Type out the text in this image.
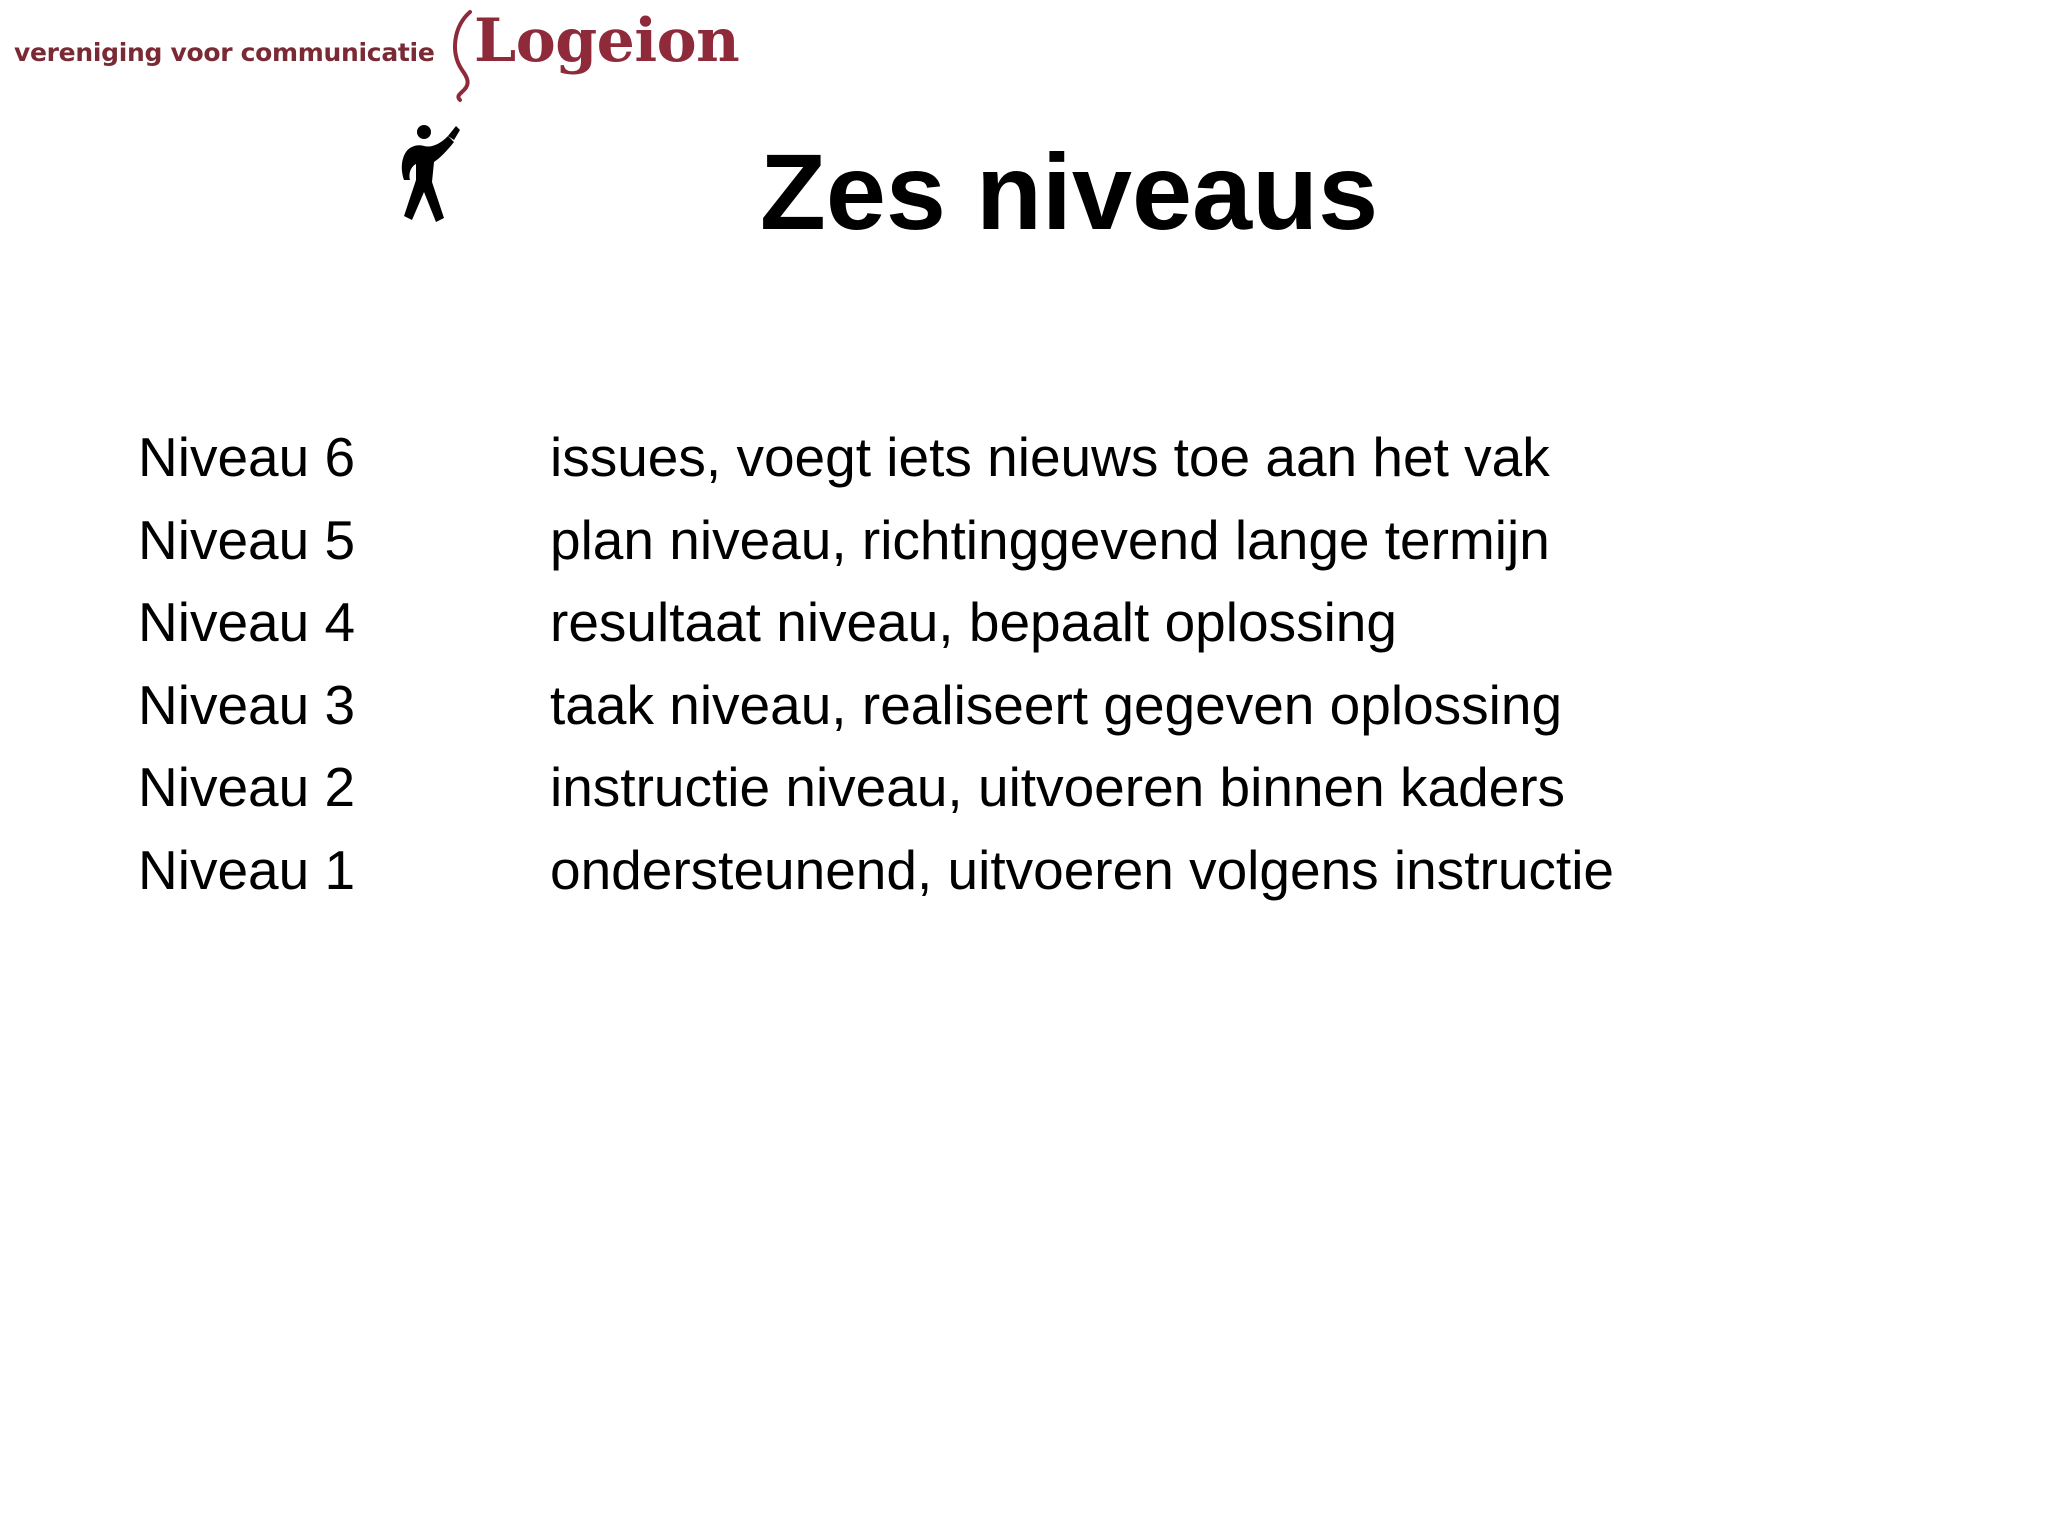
vereniging voor communicatie Logeion
Zes niveaus
Niveau 6	issues, voegt iets nieuws toe aan het vak
Niveau 5	plan niveau, richtinggevend lange termijn
Niveau 4	resultaat niveau, bepaalt oplossing
Niveau 3	taak niveau, realiseert gegeven oplossing
Niveau 2	instructie niveau, uitvoeren binnen kaders
Niveau 1	ondersteunend, uitvoeren volgens instructie
